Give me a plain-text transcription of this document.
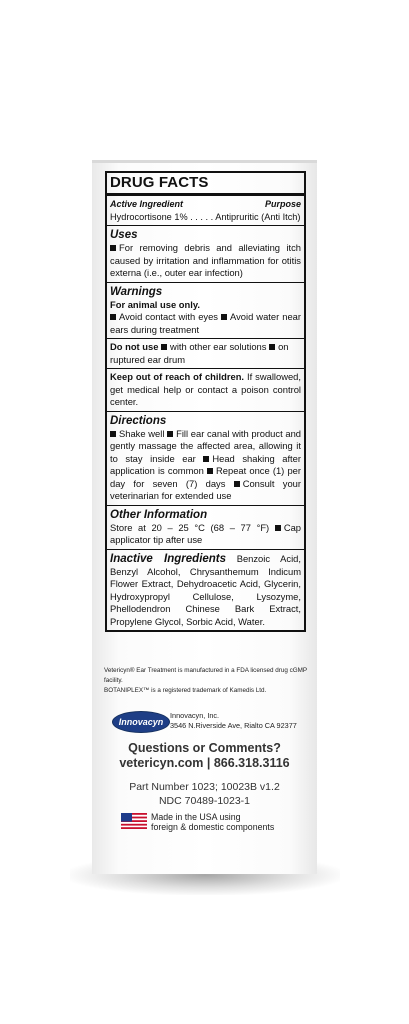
DRUG FACTS
Active Ingredient	Purpose
Hydrocortisone 1% . . . . . Antipruritic (Anti Itch)
Uses
For removing debris and alleviating itch caused by irritation and inflammation for otitis externa (i.e., outer ear infection)
Warnings
For animal use only.
Avoid contact with eyes Avoid water near ears during treatment
Do not use with other ear solutions on ruptured ear drum
Keep out of reach of children. If swallowed, get medical help or contact a poison control center.
Directions
Shake well Fill ear canal with product and gently massage the affected area, allowing it to stay inside ear Head shaking after application is common Repeat once (1) per day for seven (7) days Consult your veterinarian for extended use
Other Information
Store at 20 – 25 °C (68 – 77 °F) Cap applicator tip after use
Inactive Ingredients Benzoic Acid, Benzyl Alcohol, Chrysanthemum Indicum Flower Extract, Dehydroacetic Acid, Glycerin, Hydroxypropyl Cellulose, Lysozyme, Phellodendron Chinese Bark Extract, Propylene Glycol, Sorbic Acid, Water.
Vetericyn® Ear Treatment is manufactured in a FDA licensed drug cGMP facility.
BOTANIPLEX™ is a registered trademark of Kamedis Ltd.
Innovacyn
Innovacyn, Inc.
3546 N.Riverside Ave, Rialto CA 92377
Questions or Comments?
vetericyn.com | 866.318.3116
Part Number 1023; 10023B v1.2
NDC 70489-1023-1
Made in the USA using
foreign & domestic components
